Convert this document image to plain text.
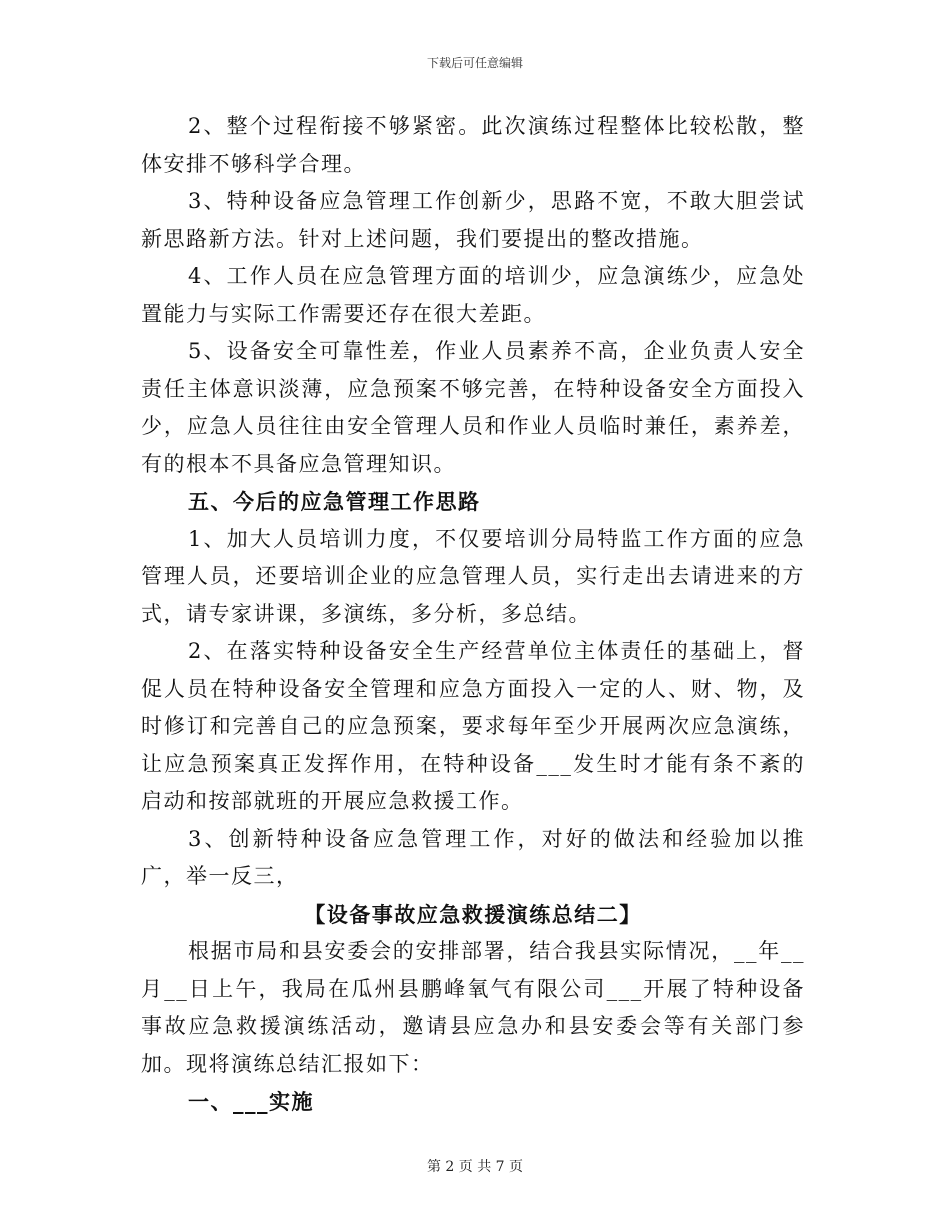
下载后可任意编辑

2、整个过程衔接不够紧密。此次演练过程整体比较松散，整体安排不够科学合理。

3、特种设备应急管理工作创新少，思路不宽，不敢大胆尝试新思路新方法。针对上述问题，我们要提出的整改措施。

4、工作人员在应急管理方面的培训少，应急演练少，应急处置能力与实际工作需要还存在很大差距。

5、设备安全可靠性差，作业人员素养不高，企业负责人安全责任主体意识淡薄，应急预案不够完善，在特种设备安全方面投入少，应急人员往往由安全管理人员和作业人员临时兼任，素养差，有的根本不具备应急管理知识。

五、今后的应急管理工作思路

1、加大人员培训力度，不仅要培训分局特监工作方面的应急管理人员，还要培训企业的应急管理人员，实行走出去请进来的方式，请专家讲课，多演练，多分析，多总结。

2、在落实特种设备安全生产经营单位主体责任的基础上，督促人员在特种设备安全管理和应急方面投入一定的人、财、物，及时修订和完善自己的应急预案，要求每年至少开展两次应急演练，让应急预案真正发挥作用，在特种设备___发生时才能有条不紊的启动和按部就班的开展应急救援工作。

3、创新特种设备应急管理工作，对好的做法和经验加以推广，举一反三，

【设备事故应急救援演练总结二】

根据市局和县安委会的安排部署，结合我县实际情况，__年__月__日上午，我局在瓜州县鹏峰氧气有限公司___开展了特种设备事故应急救援演练活动，邀请县应急办和县安委会等有关部门参加。现将演练总结汇报如下：

一、___实施

第 2 页 共 7 页
